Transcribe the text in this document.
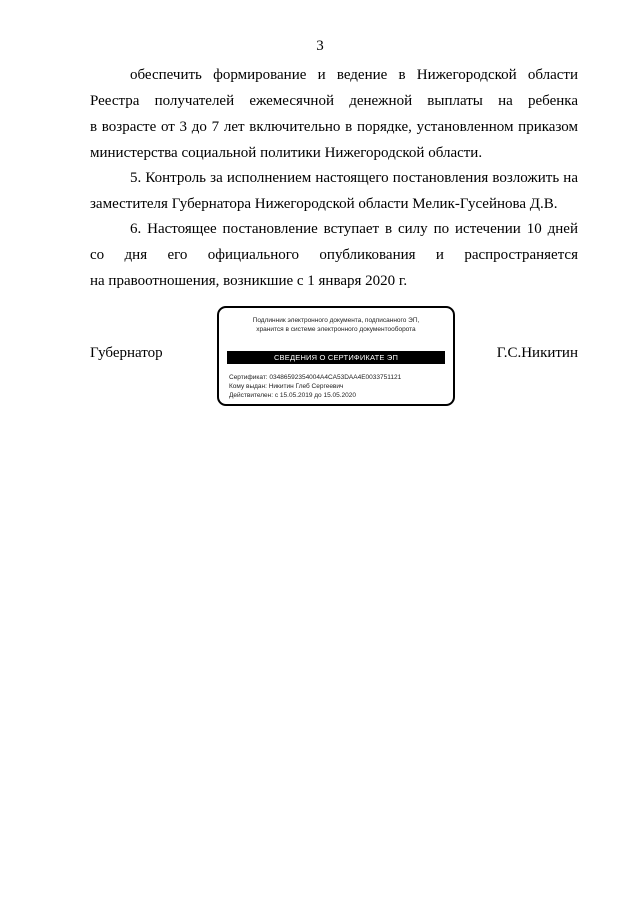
3
обеспечить формирование и ведение в Нижегородской области
Реестра получателей ежемесячной денежной выплаты на ребенка
в возрасте от 3 до 7 лет включительно в порядке, установленном приказом
министерства социальной политики Нижегородской области.
5. Контроль за исполнением настоящего постановления возложить на
заместителя Губернатора Нижегородской области Мелик-Гусейнова Д.В.
6. Настоящее постановление вступает в силу по истечении 10 дней
со дня его официального опубликования и распространяется
на правоотношения, возникшие с 1 января 2020 г.
Губернатор	Г.С.Никитин
Подлинник электронного документа, подписанного ЭП,
хранится в системе электронного документооборота
СВЕДЕНИЯ О СЕРТИФИКАТЕ ЭП
Сертификат: 03486592354004A4CA53DAA4E0033751121
Кому выдан: Никитин Глеб Сергеевич
Действителен: с 15.05.2019 до 15.05.2020
